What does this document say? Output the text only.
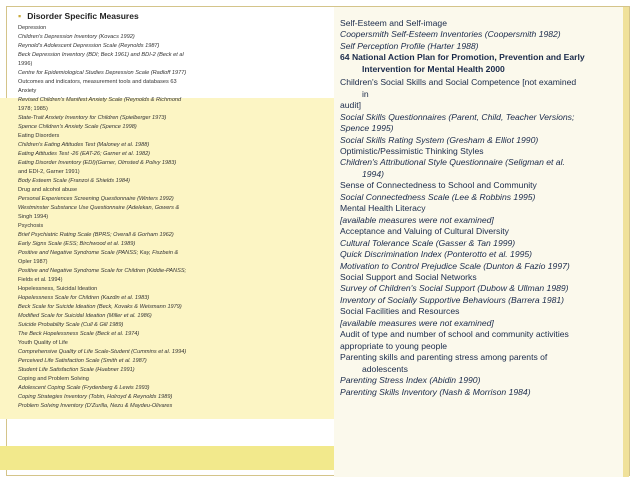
▪ Disorder Specific Measures
Depression
Children's Depression Inventory (Kovacs 1992)
Reynold's Adolescent Depression Scale (Reynolds 1987)
Beck Depression Inventory (BDI; Beck 1961) and BDI-2 (Beck et al
1996)
Centre for Epidemiological Studies Depression Scale (Radloff 1977)
Outcomes and indicators, measurement tools and databases 63
Anxiety
Revised Children's Manifest Anxiety Scale (Reynolds & Richmond
1978; 1985)
State-Trait Anxiety Inventory for Children (Spielberger 1973)
Spence Children's Anxiety Scale (Spence 1998)
Eating Disorders
Children's Eating Attitudes Test (Maloney et al. 1988)
Eating Attitudes Test -26 (EAT-26; Garner et al. 1982)
Eating Disorder Inventory (EDI)(Garner, Olmsted & Polivy 1983)
and EDI-2, Garner 1991)
Body Esteem Scale (Franzoi & Shields 1984)
Drug and alcohol abuse
Personal Experiences Screening Questionnaire (Winters 1992)
Westminster Substance Use Questionnaire (Adelekan, Gowers &
Singh 1994)
Psychosis
Brief Psychiatric Rating Scale (BPRS; Overall & Gorham 1962)
Early Signs Scale (ESS; Birchwood et al. 1989)
Positive and Negative Syndrome Scale (PANSS; Kay, Fiszbein &
Opler 1987)
Positive and Negative Syndrome Scale for Children (Kiddie-PANSS;
Fields et al. 1994)
Hopelessness, Suicidal Ideation
Hopelessness Scale for Children (Kazdin et al. 1983)
Beck Scale for Suicide Ideation (Beck, Kovaks & Weismann 1979)
Modified Scale for Suicidal Ideation (Miller et al. 1986)
Suicide Probability Scale (Cull & Gill 1989)
The Beck Hopelessness Scale (Beck et al. 1974)
Youth Quality of Life
Comprehensive Quality of Life Scale-Student (Cummins et al. 1994)
Perceived Life Satisfaction Scale (Smith et al. 1987)
Student Life Satisfaction Scale (Huebner 1991)
Coping and Problem Solving
Adolescent Coping Scale (Frydenberg & Lewis 1993)
Coping Strategies Inventory (Tobin, Holroyd & Reynolds 1989)
Problem Solving Inventory (D'Zurilla, Nezu & Maydeu-Olivares
Self-Esteem and Self-image
Coopersmith Self-Esteem Inventories (Coopersmith 1982)
Self Perception Profile (Harter 1988)
64 National Action Plan for Promotion, Prevention and Early
Intervention for Mental Health 2000
Children's Social Skills and Social Competence [not examined
in
audit]
Social Skills Questionnaires (Parent, Child, Teacher Versions;
Spence 1995)
Social Skills Rating System (Gresham & Elliot 1990)
Optimistic/Pessimistic Thinking Styles
Children's Attributional Style Questionnaire (Seligman et al.
1994)
Sense of Connectedness to School and Community
Social Connectedness Scale (Lee & Robbins 1995)
Mental Health Literacy
[available measures were not examined]
Acceptance and Valuing of Cultural Diversity
Cultural Tolerance Scale (Gasser & Tan 1999)
Quick Discrimination Index (Ponterotto et al. 1995)
Motivation to Control Prejudice Scale (Dunton & Fazio 1997)
Social Support and Social Networks
Survey of Children's Social Support (Dubow & Ullman 1989)
Inventory of Socially Supportive Behaviours (Barrera 1981)
Social Facilities and Resources
[available measures were not examined]
Audit of type and number of school and community activities
appropriate to young people
Parenting skills and parenting stress among parents of
adolescents
Parenting Stress Index (Abidin 1990)
Parenting Skills Inventory (Nash & Morrison 1984)
